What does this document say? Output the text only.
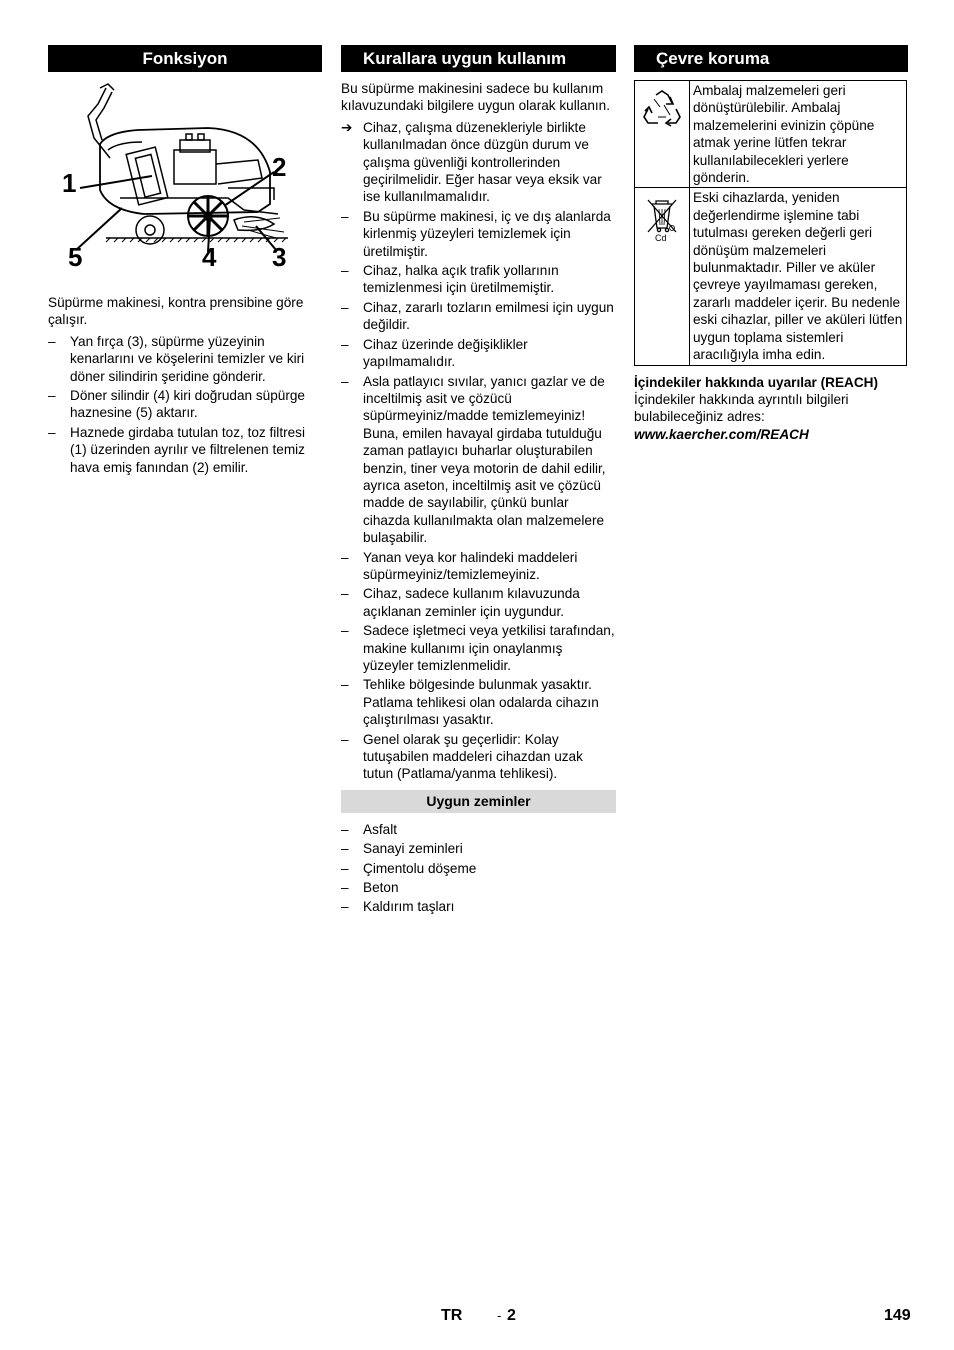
Fonksiyon
1
2
3
4
5

Süpürme makinesi, kontra prensibine göre çalışır.

– Yan fırça (3), süpürme yüzeyinin kenarlarını ve köşelerini temizler ve kiri döner silindirin şeridine gönderir.
– Döner silindir (4) kiri doğrudan süpürge haznesine (5) aktarır.
– Haznede girdaba tutulan toz, toz filtresi (1) üzerinden ayrılır ve filtrelenen temiz hava emiş fanından (2) emilir.
Kurallara uygun kullanım

Bu süpürme makinesini sadece bu kullanım kılavuzundaki bilgilere uygun olarak kullanın.

➔ Cihaz, çalışma düzenekleriyle birlikte kullanılmadan önce düzgün durum ve çalışma güvenliği kontrollerinden geçirilmelidir. Eğer hasar veya eksik var ise kullanılmamalıdır.
– Bu süpürme makinesi, iç ve dış alanlarda kirlenmiş yüzeyleri temizlemek için üretilmiştir.
– Cihaz, halka açık trafik yollarının temizlenmesi için üretilmemiştir.
– Cihaz, zararlı tozların emilmesi için uygun değildir.
– Cihaz üzerinde değişiklikler yapılmamalıdır.
– Asla patlayıcı sıvılar, yanıcı gazlar ve de inceltilmiş asit ve çözücü süpürmeyiniz/madde temizlemeyiniz! Buna, emilen havayal girdaba tutulduğu zaman patlayıcı buharlar oluşturabilen benzin, tiner veya motorin de dahil edilir, ayrıca aseton, inceltilmiş asit ve çözücü madde de sayılabilir, çünkü bunlar cihazda kullanılmakta olan malzemelere bulaşabilir.
– Yanan veya kor halindeki maddeleri süpürmeyiniz/temizlemeyiniz.
– Cihaz, sadece kullanım kılavuzunda açıklanan zeminler için uygundur.
– Sadece işletmeci veya yetkilisi tarafından, makine kullanımı için onaylanmış yüzeyler temizlenmelidir.
– Tehlike bölgesinde bulunmak yasaktır. Patlama tehlikesi olan odalarda cihazın çalıştırılması yasaktır.
– Genel olarak şu geçerlidir: Kolay tutuşabilen maddeleri cihazdan uzak tutun (Patlama/yanma tehlikesi).
Uygun zeminler
– Asfalt
– Sanayi zeminleri
– Çimentolu döşeme
– Beton
– Kaldırım taşları
Çevre koruma
	Ambalaj malzemeleri geri dönüştürülebilir. Ambalaj malzemelerini evinizin çöpüne atmak yerine lütfen tekrar kullanılabilecekleri yerlere gönderin.

Cd	Eski cihazlarda, yeniden değerlendirme işlemine tabi tutulması gereken değerli geri dönüşüm malzemeleri bulunmaktadır. Piller ve aküler çevreye yayılmaması gereken, zararlı maddeler içerir. Bu nedenle eski cihazlar, piller ve aküleri lütfen uygun toplama sistemleri aracılığıyla imha edin.

İçindekiler hakkında uyarılar (REACH)
İçindekiler hakkında ayrıntılı bilgileri bulabileceğiniz adres:
www.kaercher.com/REACH

TR	- 2	149
